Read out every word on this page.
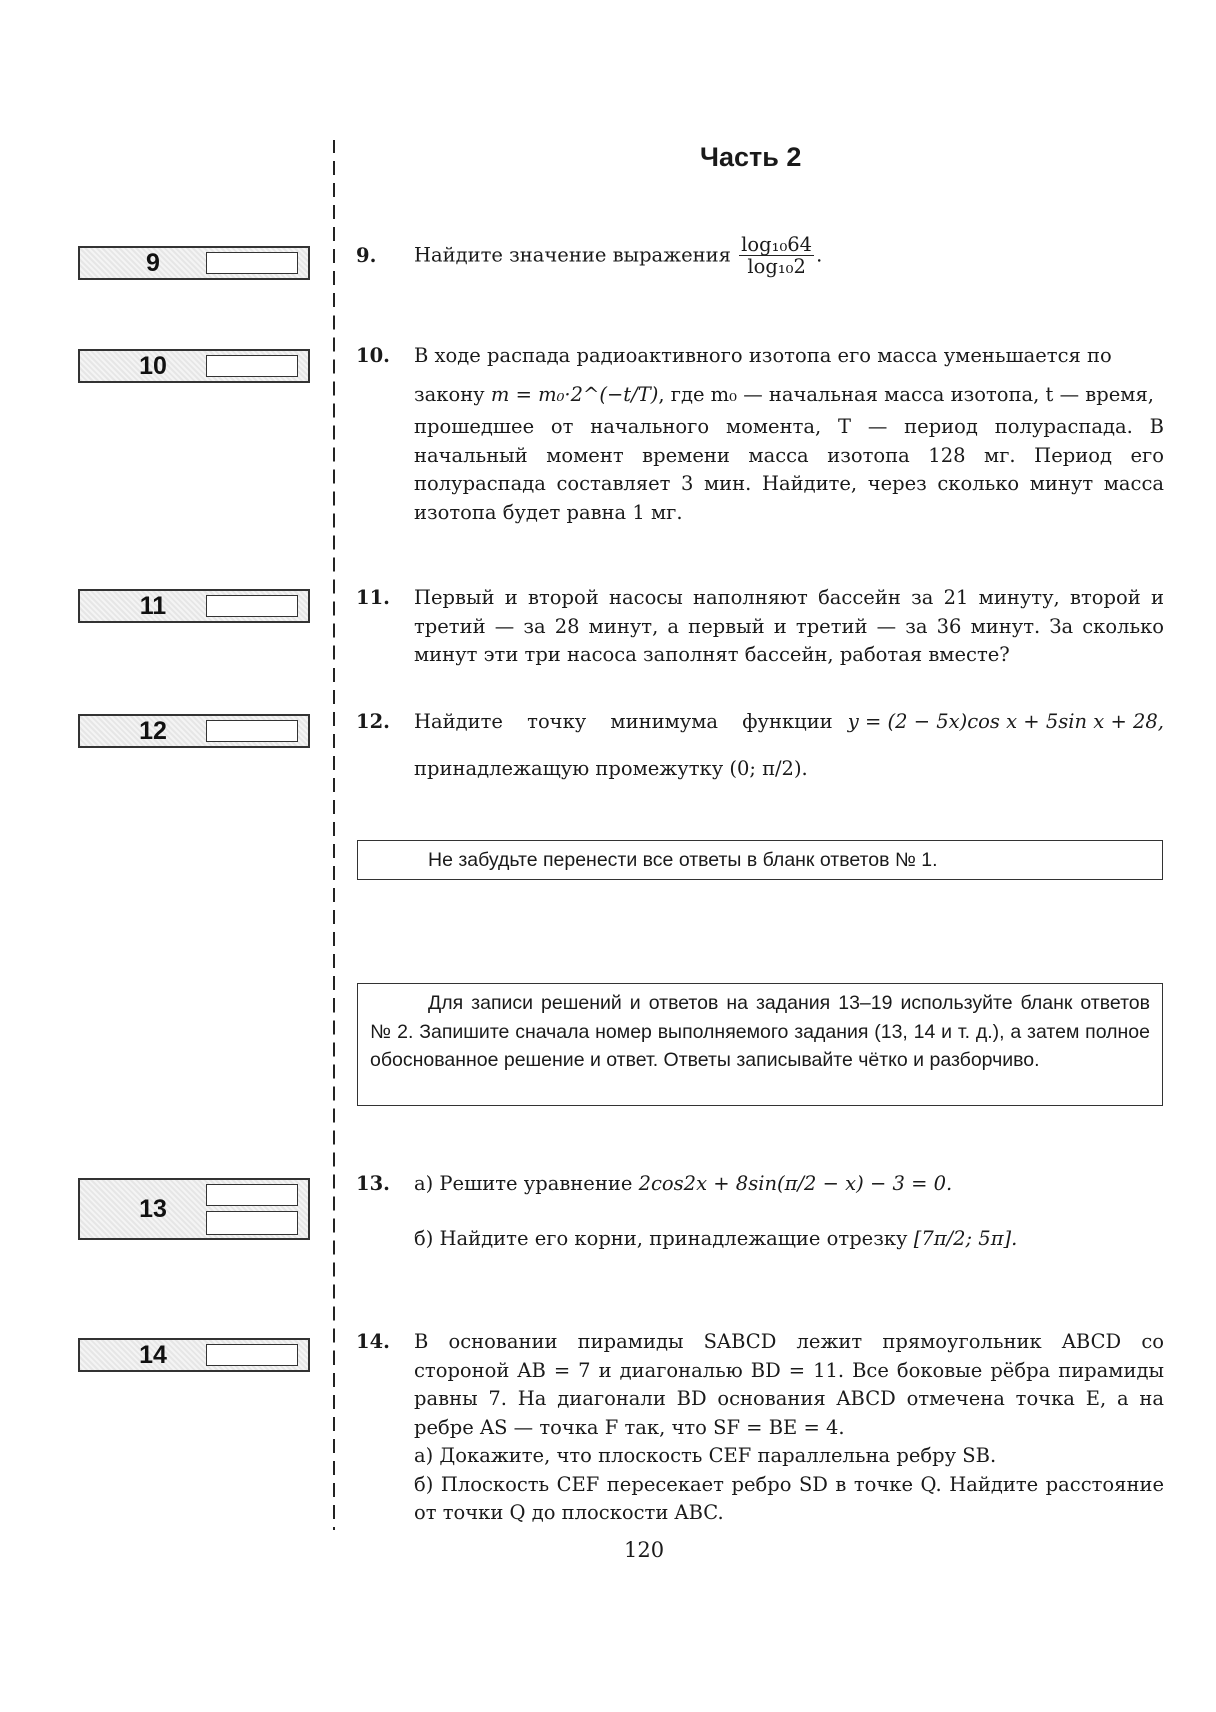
Часть 2
9
10
11
12
13
14
9. Найдите значение выражения $\frac{\text{log₁₀64}}{\text{log₁₀2}}$ .
10. В ходе распада радиоактивного изотопа его масса уменьшается по
закону m = m₀·2^(−t/T), где m₀ — начальная масса изотопа, t — время,
прошедшее от начального момента, T — период полураспада. В начальный момент времени масса изотопа 128 мг. Период его полураспада составляет 3 мин. Найдите, через сколько минут масса изотопа будет равна 1 мг.
11. Первый и второй насосы наполняют бассейн за 21 минуту, второй и третий — за 28 минут, а первый и третий — за 36 минут. За сколько минут эти три насоса заполнят бассейн, работая вместе?
12. Найдите точку минимума функции y = (2 − 5x)cos x + 5sin x + 28,
принадлежащую промежутку (0; π/2).
Не забудьте перенести все ответы в бланк ответов № 1.
Для записи решений и ответов на задания 13–19 используйте бланк ответов № 2. Запишите сначала номер выполняемого задания (13, 14 и т. д.), а затем полное обоснованное решение и ответ. Ответы записывайте чётко и разборчиво.
13. а) Решите уравнение 2cos2x + 8sin(π/2 − x) − 3 = 0.
б) Найдите его корни, принадлежащие отрезку [7π/2; 5π].
14. В основании пирамиды SABCD лежит прямоугольник ABCD со стороной AB = 7 и диагональю BD = 11. Все боковые рёбра пирамиды равны 7. На диагонали BD основания ABCD отмечена точка E, а на ребре AS — точка F так, что SF = BE = 4.
а) Докажите, что плоскость CEF параллельна ребру SB.
б) Плоскость CEF пересекает ребро SD в точке Q. Найдите расстояние от точки Q до плоскости ABC.
120
